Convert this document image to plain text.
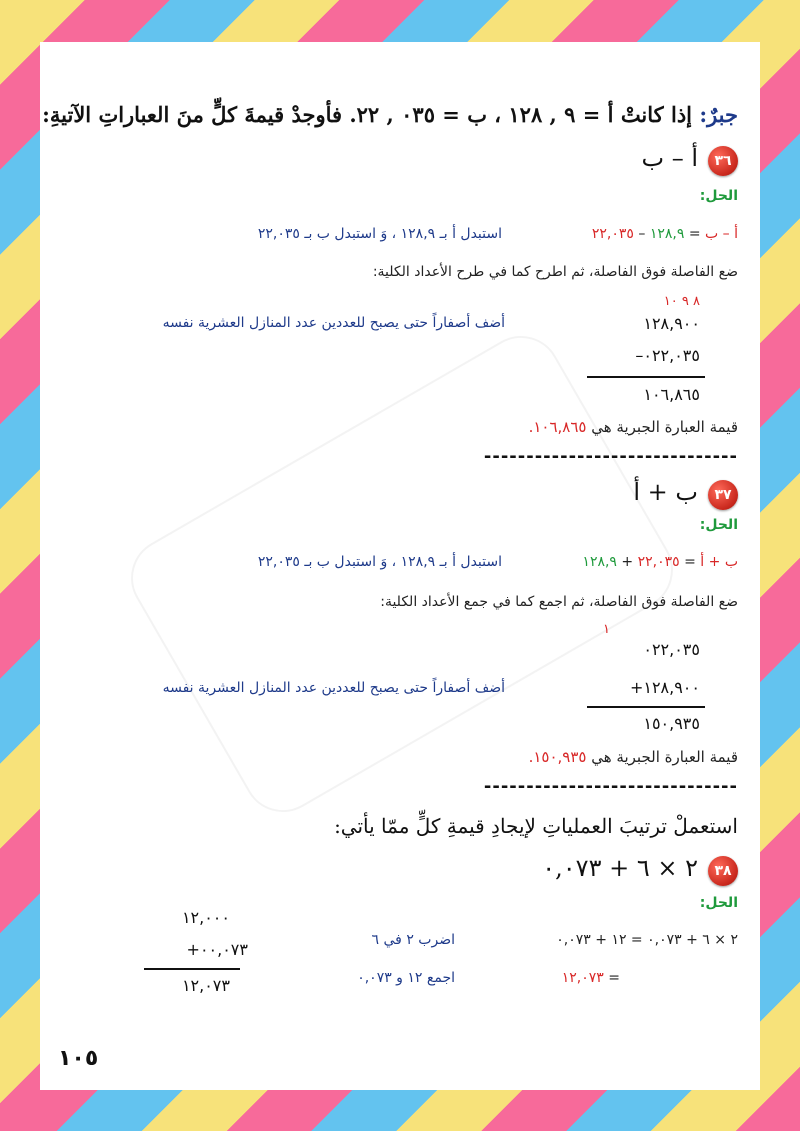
جبرٌ: إذا كانتْ أ = ٩ , ١٢٨ ، ب = ٠٣٥ , ٢٢. فأوجدْ قيمةَ كلٍّ منَ العباراتِ الآتيةِ:
٣٦
أ – ب
الحل:
أ – ب = ١٢٨,٩ – ٢٢,٠٣٥
استبدل أ بـ ١٢٨,٩ ، وَ استبدل ب بـ ٢٢,٠٣٥
ضع الفاصلة فوق الفاصلة، ثم اطرح كما في طرح الأعداد الكلية:
٨ ٩ ١٠
١٢٨,٩٠٠
أضف أصفاراً حتى يصبح للعددين عدد المنازل العشرية نفسه
٠٢٢,٠٣٥–
١٠٦,٨٦٥
قيمة العبارة الجبرية هي ١٠٦,٨٦٥.
------------------------------
٣٧
ب + أ
الحل:
ب + أ = ٢٢,٠٣٥ + ١٢٨,٩
استبدل أ بـ ١٢٨,٩ ، وَ استبدل ب بـ ٢٢,٠٣٥
ضع الفاصلة فوق الفاصلة، ثم اجمع كما في جمع الأعداد الكلية:
١
٠٢٢,٠٣٥
أضف أصفاراً حتى يصبح للعددين عدد المنازل العشرية نفسه	١٢٨,٩٠٠+
١٥٠,٩٣٥
قيمة العبارة الجبرية هي ١٥٠,٩٣٥.
------------------------------
استعملْ ترتيبَ العملياتِ لإيجادِ قيمةِ كلٍّ ممّا يأتي:
٣٨
٢ × ٦ + ٠,٠٧٣
الحل:
٢ × ٦ + ٠,٠٧٣ = ١٢ + ٠,٠٧٣
اضرب ٢ في ٦
= ١٢,٠٧٣
اجمع ١٢ و ٠,٠٧٣
١٢,٠٠٠
٠٠,٠٧٣+
١٢,٠٧٣
١٠٥
